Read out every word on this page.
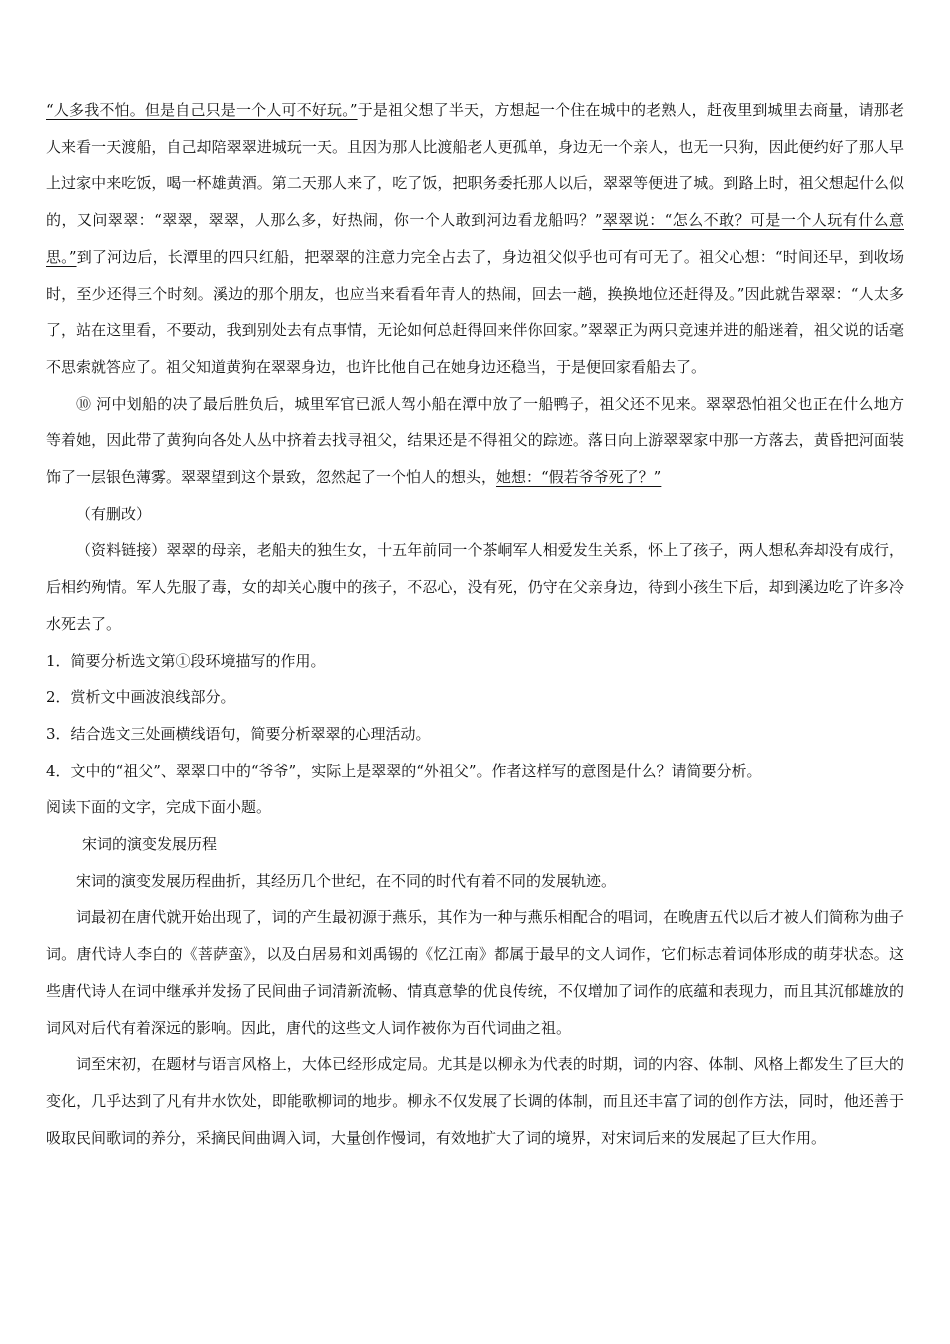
“人多我不怕。但是自己只是一个人可不好玩。”于是祖父想了半天，方想起一个住在城中的老熟人，赶夜里到城里去商量，请那老人来看一天渡船，自己却陪翠翠进城玩一天。且因为那人比渡船老人更孤单，身边无一个亲人，也无一只狗，因此便约好了那人早上过家中来吃饭，喝一杯雄黄酒。第二天那人来了，吃了饭，把职务委托那人以后，翠翠等便进了城。到路上时，祖父想起什么似的，又问翠翠：“翠翠，翠翠，人那么多，好热闹，你一个人敢到河边看龙船吗？”翠翠说：“怎么不敢？可是一个人玩有什么意思。”到了河边后，长潭里的四只红船，把翠翠的注意力完全占去了，身边祖父似乎也可有可无了。祖父心想：“时间还早，到收场时，至少还得三个时刻。溪边的那个朋友，也应当来看看年青人的热闹，回去一趟，换换地位还赶得及。”因此就告翠翠：“人太多了，站在这里看，不要动，我到别处去有点事情，无论如何总赶得回来伴你回家。”翠翠正为两只竞速并进的船迷着，祖父说的话毫不思索就答应了。祖父知道黄狗在翠翠身边，也许比他自己在她身边还稳当，于是便回家看船去了。

⑩ 河中划船的决了最后胜负后，城里军官已派人驾小船在潭中放了一船鸭子，祖父还不见来。翠翠恐怕祖父也正在什么地方等着她，因此带了黄狗向各处人丛中挤着去找寻祖父，结果还是不得祖父的踪迹。落日向上游翠翠家中那一方落去，黄昏把河面装饰了一层银色薄雾。翠翠望到这个景致，忽然起了一个怕人的想头，她想：“假若爷爷死了？”

（有删改）

（资料链接）翠翠的母亲，老船夫的独生女，十五年前同一个茶峒军人相爱发生关系，怀上了孩子，两人想私奔却没有成行，后相约殉情。军人先服了毒，女的却关心腹中的孩子，不忍心，没有死，仍守在父亲身边，待到小孩生下后，却到溪边吃了许多冷水死去了。

1．简要分析选文第①段环境描写的作用。

2．赏析文中画波浪线部分。

3．结合选文三处画横线语句，简要分析翠翠的心理活动。

4．文中的“祖父”、翠翠口中的“爷爷”，实际上是翠翠的“外祖父”。作者这样写的意图是什么？请简要分析。

阅读下面的文字，完成下面小题。

宋词的演变发展历程

宋词的演变发展历程曲折，其经历几个世纪，在不同的时代有着不同的发展轨迹。

词最初在唐代就开始出现了，词的产生最初源于燕乐，其作为一种与燕乐相配合的唱词，在晚唐五代以后才被人们简称为曲子词。唐代诗人李白的《菩萨蛮》，以及白居易和刘禹锡的《忆江南》都属于最早的文人词作，它们标志着词体形成的萌芽状态。这些唐代诗人在词中继承并发扬了民间曲子词清新流畅、情真意挚的优良传统，不仅增加了词作的底蕴和表现力，而且其沉郁雄放的词风对后代有着深远的影响。因此，唐代的这些文人词作被你为百代词曲之祖。

词至宋初，在题材与语言风格上，大体已经形成定局。尤其是以柳永为代表的时期，词的内容、体制、风格上都发生了巨大的变化，几乎达到了凡有井水饮处，即能歌柳词的地步。柳永不仅发展了长调的体制，而且还丰富了词的创作方法，同时，他还善于吸取民间歌词的养分，采摘民间曲调入词，大量创作慢词，有效地扩大了词的境界，对宋词后来的发展起了巨大作用。
